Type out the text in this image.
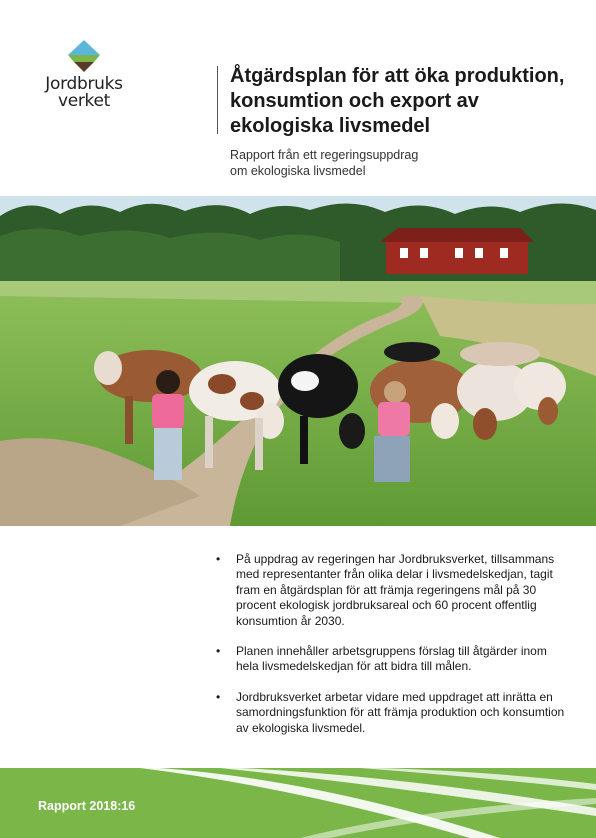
Jordbruks
verket
Åtgärdsplan för att öka produktion, konsumtion och export av ekologiska livsmedel
Rapport från ett regeringsuppdrag
om ekologiska livsmedel
• På uppdrag av regeringen har Jordbruksverket, tillsammans med representanter från olika delar i livsmedelskedjan, tagit fram en åtgärdsplan för att främja regeringens mål på 30 procent ekologisk jordbruksareal och 60 procent offentlig konsumtion år 2030.
• Planen innehåller arbetsgruppens förslag till åtgärder inom hela livsmedelskedjan för att bidra till målen.
• Jordbruksverket arbetar vidare med uppdraget att inrätta en samordningsfunktion för att främja produktion och konsumtion av ekologiska livsmedel.
Rapport 2018:16
